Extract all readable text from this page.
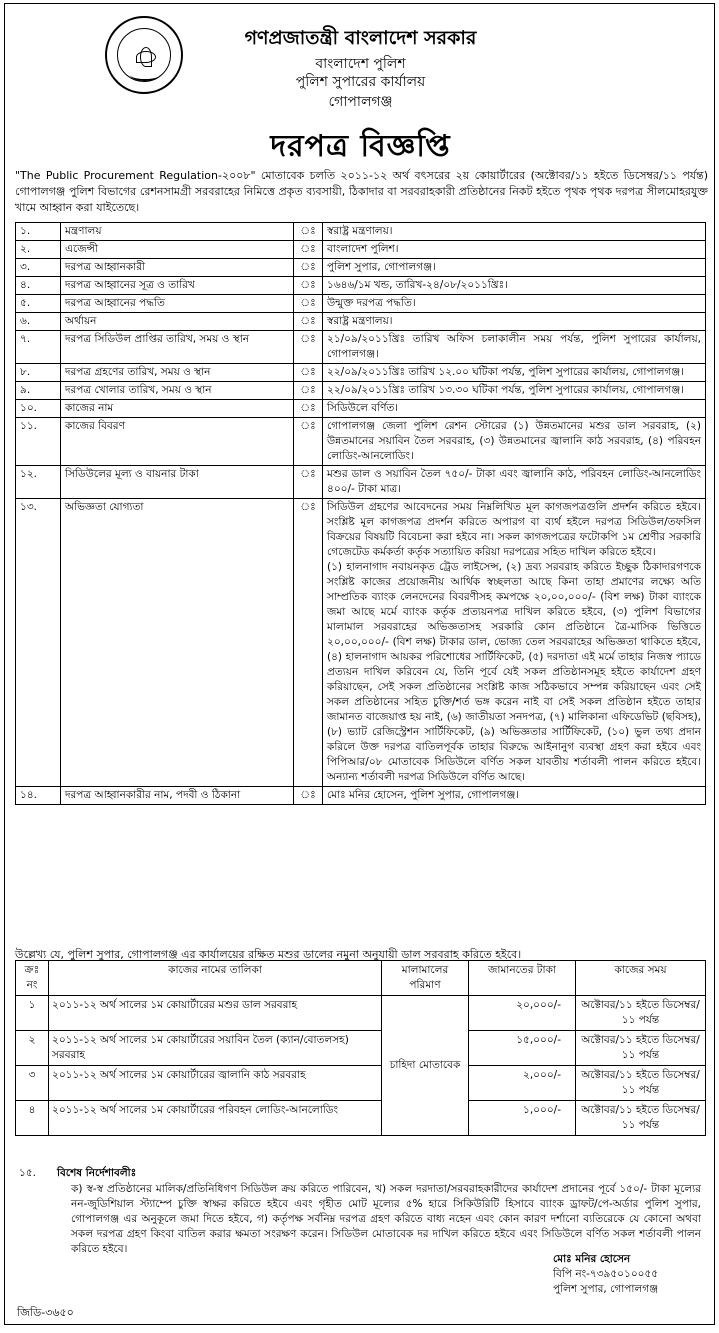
গণপ্রজাতন্ত্রী বাংলাদেশ সরকার
বাংলাদেশ পুলিশ
পুলিশ সুপারের কার্যালয়
গোপালগঞ্জ
দরপত্র বিজ্ঞপ্তি
"The Public Procurement Regulation-২০০৮" মোতাবেক চলতি ২০১১-১২ অর্থ বৎসরের ২য় কোয়ার্টারের (অক্টোবর/১১ হইতে ডিসেম্বর/১১ পর্যন্ত) গোপালগঞ্জ পুলিশ বিভাগের রেশনসামগ্রী সরবরাহের নিমিত্তে প্রকৃত ব্যবসায়ী, ঠিকাদার বা সরবরাহকারী প্রতিষ্ঠানের নিকট হইতে পৃথক পৃথক দরপত্র সীলমোহরযুক্ত খামে আহ্বান করা যাইতেছে।
১.	মন্ত্রণালয়	ঃ	স্বরাষ্ট্র মন্ত্রণালয়।

২.	এজেন্সী	ঃ	বাংলাদেশ পুলিশ।

৩.	দরপত্র আহ্বানকারী	ঃ	পুলিশ সুপার, গোপালগঞ্জ।

৪.	দরপত্র আহ্বানের সূত্র ও তারিখ	ঃ	১৬৪৬/১ম খন্ড, তারিখ-২৪/০৮/২০১১খ্রিঃ।

৫.	দরপত্র আহ্বানের পদ্ধতি	ঃ	উন্মুক্ত দরপত্র পদ্ধতি।

৬.	অর্থায়ন	ঃ	স্বরাষ্ট্র মন্ত্রণালয়।

৭.	দরপত্র সিডিউল প্রাপ্তির তারিখ, সময় ও স্থান	ঃ	২১/০৯/২০১১খ্রিঃ তারিখ অফিস চলাকালীন সময় পর্যন্ত, পুলিশ সুপারের কার্যালয়, গোপালগঞ্জ।

৮.	দরপত্র গ্রহণের তারিখ, সময় ও স্থান	ঃ	২২/০৯/২০১১খ্রিঃ তারিখ ১২.০০ ঘটিকা পর্যন্ত, পুলিশ সুপারের কার্যালয়, গোপালগঞ্জ।

৯.	দরপত্র খোলার তারিখ, সময় ও স্থান	ঃ	২২/০৯/২০১১খ্রিঃ তারিখ ১৩.৩০ ঘটিকা পর্যন্ত, পুলিশ সুপারের কার্যালয়, গোপালগঞ্জ।

১০.	কাজের নাম	ঃ	সিডিউলে বর্ণিত।

১১.	কাজের বিবরণ	ঃ	গোপালগঞ্জ জেলা পুলিশ রেশন স্টোরের (১) উন্নতমানের মশুর ডাল সরবরাহ, (২) উন্নতমানের সয়াবিন তৈল সরবরাহ, (৩) উন্নতমানের জ্বালানি কাঠ সরবরাহ, (৪) পরিবহন লোডিং-আনলোডিং।

১২.	সিডিউলের মূল্য ও বায়নার টাকা	ঃ	মশুর ডাল ও সয়াবিন তৈল ৭৫০/- টাকা এবং জ্বালানি কাঠ, পরিবহন লোডিং-আনলোডিং ৪০০/- টাকা মাত্র।

১৩.	অভিজ্ঞতা যোগ্যতা	ঃ	সিডিউল গ্রহণের আবেদনের সময় নিম্নলিখিত মূল কাগজপত্রগুলি প্রদর্শন করিতে হইবে। সংশ্লিষ্ট মূল কাগজপত্র প্রদর্শন করিতে অপারগ বা ব্যর্থ হইলে দরপত্র সিডিউল/তফসিল বিক্রয়ের বিষয়টি বিবেচনা করা হইবে না। সকল কাগজপত্রের ফটোকপি ১ম শ্রেণীর সরকারি গেজেটেড কর্মকর্তা কর্তৃক সত্যায়িত করিয়া দরপত্রের সহিত দাখিল করিতে হইবে।
(১) হালনাগাদ নবায়নকৃত ট্রেড লাইসেন্স, (২) দ্রব্য সরবরাহ করিতে ইচ্ছুক ঠিকাদারগণকে সংশ্লিষ্ট কাজের প্রয়োজনীয় আর্থিক স্বচ্ছলতা আছে কিনা তাহা প্রমাণের লক্ষ্যে অতি সাম্প্রতিক ব্যাংক লেনদেনের বিবরণীসহ কমপক্ষে ২০,০০,০০০/- (বিশ লক্ষ) টাকা ব্যাংকে জমা আছে মর্মে ব্যাংক কর্তৃক প্রত্যয়নপত্র দাখিল করিতে হইবে, (৩) পুলিশ বিভাগের মালামাল সরবরাহের অভিজ্ঞতাসহ সরকারি কোন প্রতিষ্ঠানে ত্রৈ-মাসিক ভিত্তিতে ২০,০০,০০০/- (বিশ লক্ষ) টাকার ডাল, ভোজ্য তেল সরবরাহের অভিজ্ঞতা থাকিতে হইবে, (৪) হালনাগাদ আয়কর পরিশোধের সার্টিফিকেট, (৫) দরদাতা এই মর্মে তাহার নিজস্ব প্যাডে প্রত্যয়ন দাখিল করিবেন যে, তিনি পূর্বে যেই সকল প্রতিষ্ঠানসমূহ হইতে কার্যাদেশ গ্রহণ করিয়াছেন, সেই সকল প্রতিষ্ঠানের সংশ্লিষ্ট কাজ সঠিকভাবে সম্পন্ন করিয়াছেন এবং সেই সকল প্রতিষ্ঠানের সহিত চুক্তি/শর্ত ভঙ্গ করেন নাই বা সেই সকল প্রতিষ্ঠান হইতে তাহার জামানত বাজেয়াপ্ত হয় নাই, (৬) জাতীয়তা সনদপত্র, (৭) মালিকানা এফিডেভিট (ছবিসহ), (৮) ভ্যাট রেজিস্ট্রেশন সার্টিফিকেট, (৯) অভিজ্ঞতার সার্টিফিকেট, (১০) ভুল তথ্য প্রদান করিলে উক্ত দরপত্র বাতিলপূর্বক তাহার বিরুদ্ধে আইনানুগ ব্যবস্থা গ্রহণ করা হইবে এবং পিপিআর/০৮ মোতাবেক সিডিউলে বর্ণিত সকল যাবতীয় শর্তাবলী পালন করিতে হইবে। অন্যান্য শর্তাবলী দরপত্র সিডিউলে বর্ণিত আছে।

১৪.	দরপত্র আহ্বানকারীর নাম, পদবী ও ঠিকানা	ঃ	মোঃ মনির হোসেন, পুলিশ সুপার, গোপালগঞ্জ।
উল্লেখ্য যে, পুলিশ সুপার, গোপালগঞ্জ এর কার্যালয়ের রক্ষিত মশুর ডালের নমুনা অনুযায়ী ডাল সরবরাহ করিতে হইবে।
ক্রঃ নং	কাজের নামের তালিকা	মালামালের পরিমাণ	জামানতের টাকা	কাজের সময়
১	২০১১-১২ অর্থ সালের ১ম কোয়ার্টারের মশুর ডাল সরবরাহ	চাহিদা মোতাবেক	২০,০০০/-	অক্টোবর/১১ হইতে ডিসেম্বর/১১ পর্যন্ত
২	২০১১-১২ অর্থ সালের ১ম কোয়ার্টারের সয়াবিন তৈল (ক্যান/বোতলসহ) সরবরাহ		১৫,০০০/-	অক্টোবর/১১ হইতে ডিসেম্বর/১১ পর্যন্ত
৩	২০১১-১২ অর্থ সালের ১ম কোয়ার্টারের জ্বালানি কাঠ সরবরাহ		২,০০০/-	অক্টোবর/১১ হইতে ডিসেম্বর/১১ পর্যন্ত
৪	২০১১-১২ অর্থ সালের ১ম কোয়ার্টারের পরিবহন লোডিং-আনলোডিং		১,০০০/-	অক্টোবর/১১ হইতে ডিসেম্বর/১১ পর্যন্ত
১৫. বিশেষ নির্দেশাবলীঃ
ক) স্ব-স্ব প্রতিষ্ঠানের মালিক/প্রতিনিধিগণ সিডিউল ক্রয় করিতে পারিবেন, খ) সকল দরদাতা/সরবরাহকারীদের কার্যাদেশ প্রদানের পূর্বে ১৫০/- টাকা মূল্যের নন-জুডিশিয়াল স্ট্যাম্পে চুক্তি স্বাক্ষর করিতে হইবে এবং গৃহীত মোট মূল্যের ৫% হারে সিকিউরিটি হিসাবে ব্যাংক ড্রাফট/পে-অর্ডার পুলিশ সুপার, গোপালগঞ্জ এর অনুকূলে জমা দিতে হইবে, গ) কর্তৃপক্ষ সর্বনিম্ন দরপত্র গ্রহণ করিতে বাধ্য নহেন এবং কোন কারণ দর্শানো ব্যতিরেকে যে কোনো অথবা সকল দরপত্র গ্রহণ কিংবা বাতিল করার ক্ষমতা সংরক্ষণ করেন। সিডিউল মোতাবেক দর দাখিল করিতে হইবে এবং সিডিউলে বর্ণিত সকল শর্তাবলী পালন করিতে হইবে।
মোঃ মনির হোসেন
বিপি নং-৭৩৯৫০১০০৫৫
পুলিশ সুপার, গোপালগঞ্জ
জিডি-৩৬৫০
